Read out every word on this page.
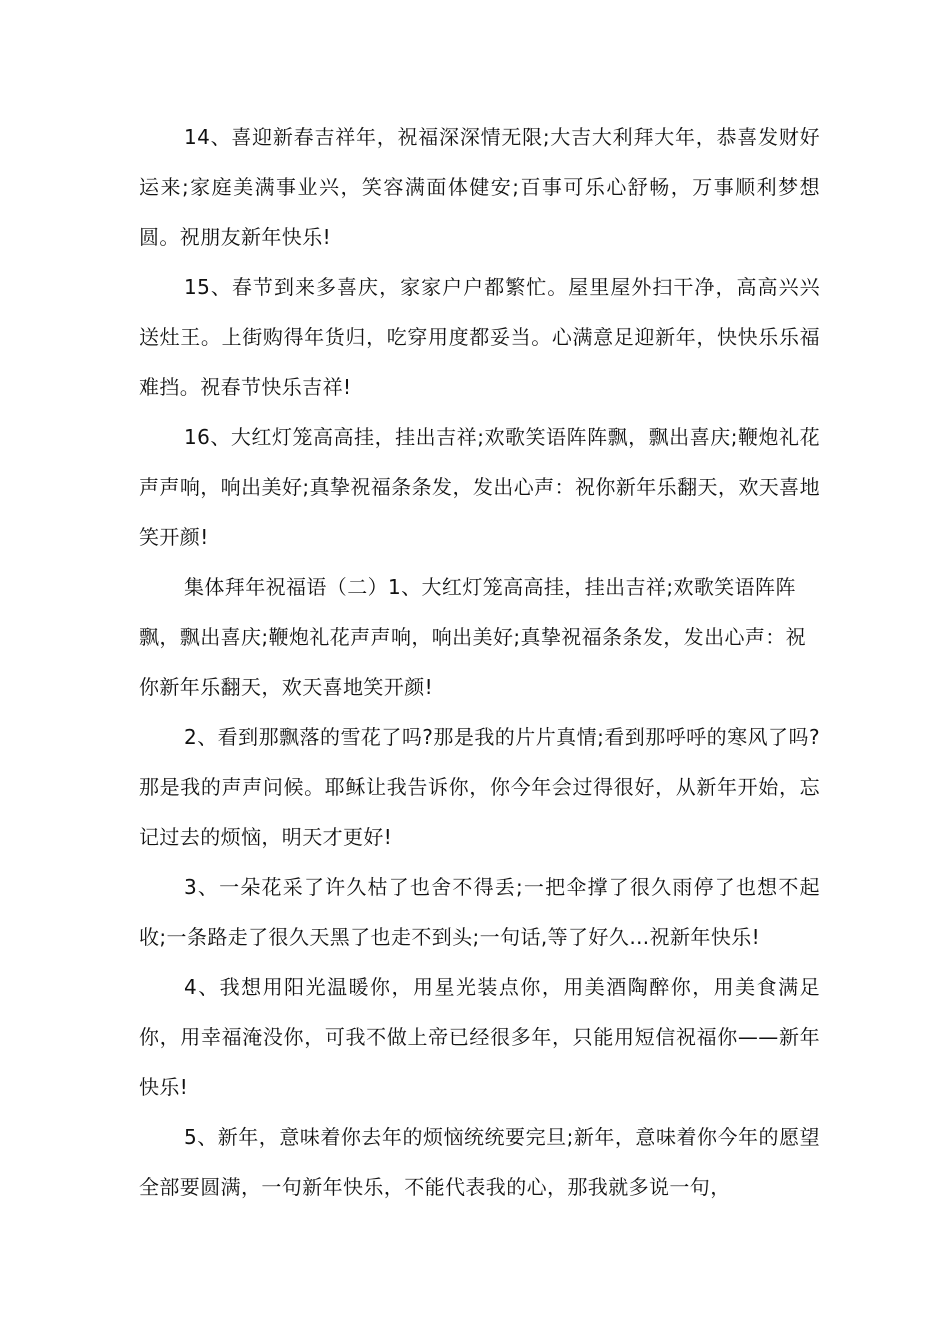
14、喜迎新春吉祥年，祝福深深情无限;大吉大利拜大年，恭喜发财好运来;家庭美满事业兴，笑容满面体健安;百事可乐心舒畅，万事顺利梦想圆。祝朋友新年快乐!

15、春节到来多喜庆，家家户户都繁忙。屋里屋外扫干净，高高兴兴送灶王。上街购得年货归，吃穿用度都妥当。心满意足迎新年，快快乐乐福难挡。祝春节快乐吉祥!

16、大红灯笼高高挂，挂出吉祥;欢歌笑语阵阵飘，飘出喜庆;鞭炮礼花声声响，响出美好;真挚祝福条条发，发出心声：祝你新年乐翻天，欢天喜地笑开颜!

集体拜年祝福语（二）1、大红灯笼高高挂，挂出吉祥;欢歌笑语阵阵飘，飘出喜庆;鞭炮礼花声声响，响出美好;真挚祝福条条发，发出心声：祝你新年乐翻天，欢天喜地笑开颜!

2、看到那飘落的雪花了吗?那是我的片片真情;看到那呼呼的寒风了吗?那是我的声声问候。耶稣让我告诉你，你今年会过得很好，从新年开始，忘记过去的烦恼，明天才更好!

3、一朵花采了许久枯了也舍不得丢;一把伞撑了很久雨停了也想不起收;一条路走了很久天黑了也走不到头;一句话,等了好久…祝新年快乐!

4、我想用阳光温暖你，用星光装点你，用美酒陶醉你，用美食满足你，用幸福淹没你，可我不做上帝已经很多年，只能用短信祝福你——新年快乐!

5、新年，意味着你去年的烦恼统统要完旦;新年，意味着你今年的愿望全部要圆满，一句新年快乐，不能代表我的心，那我就多说一句，
